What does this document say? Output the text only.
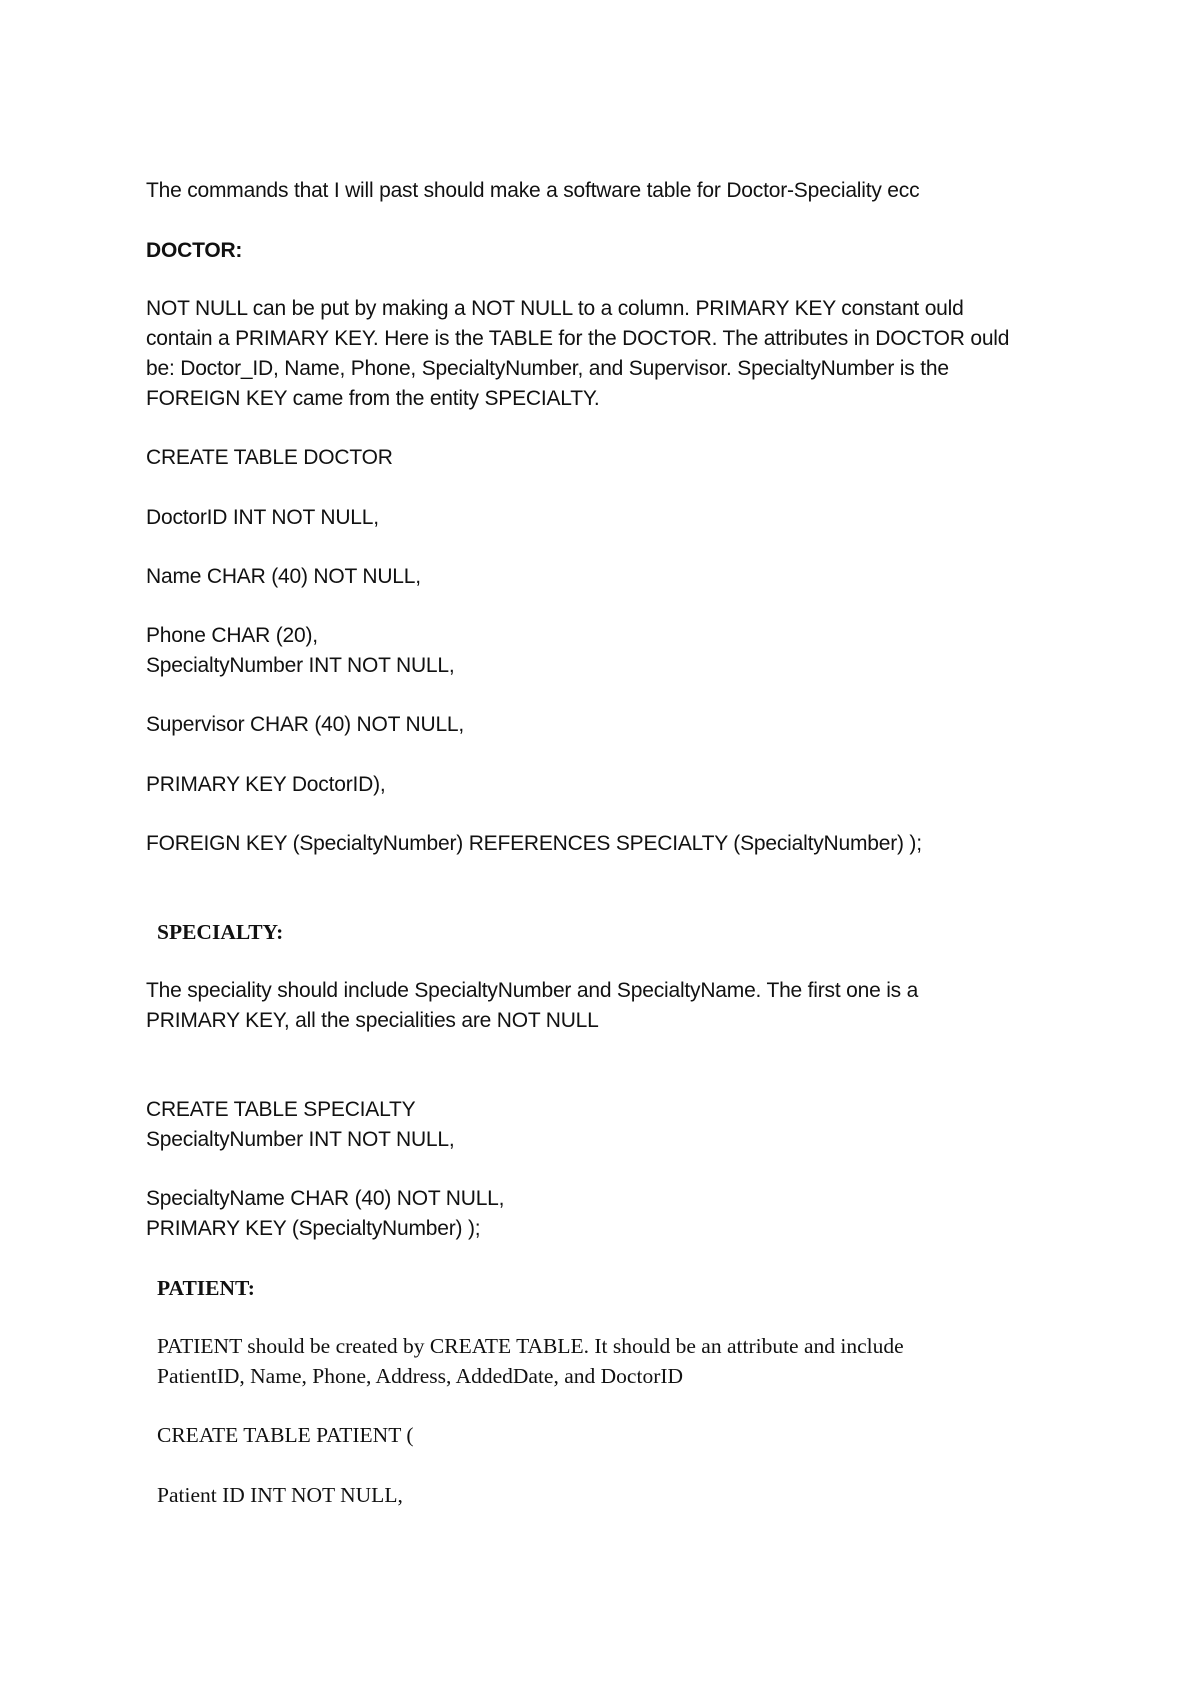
The commands that I will past should make a software table for Doctor-Speciality ecc

DOCTOR:

NOT NULL can be put by making a NOT NULL to a column. PRIMARY KEY constant ould

contain a PRIMARY KEY. Here is the TABLE for the DOCTOR. The attributes in DOCTOR ould

be: Doctor_ID, Name, Phone, SpecialtyNumber, and Supervisor. SpecialtyNumber is the

FOREIGN KEY came from the entity SPECIALTY.

CREATE TABLE DOCTOR

DoctorID INT NOT NULL,

Name CHAR (40) NOT NULL,

Phone CHAR (20),

SpecialtyNumber INT NOT NULL,

Supervisor CHAR (40) NOT NULL,

PRIMARY KEY DoctorID),

FOREIGN KEY (SpecialtyNumber) REFERENCES SPECIALTY (SpecialtyNumber) );

SPECIALTY:

The speciality should include SpecialtyNumber and SpecialtyName. The first one is a

PRIMARY KEY, all the specialities are NOT NULL

CREATE TABLE SPECIALTY

SpecialtyNumber INT NOT NULL,

SpecialtyName CHAR (40) NOT NULL,

PRIMARY KEY (SpecialtyNumber) );

PATIENT:

PATIENT should be created by CREATE TABLE. It should be an attribute and include

PatientID, Name, Phone, Address, AddedDate, and DoctorID

CREATE TABLE PATIENT (

Patient ID INT NOT NULL,
